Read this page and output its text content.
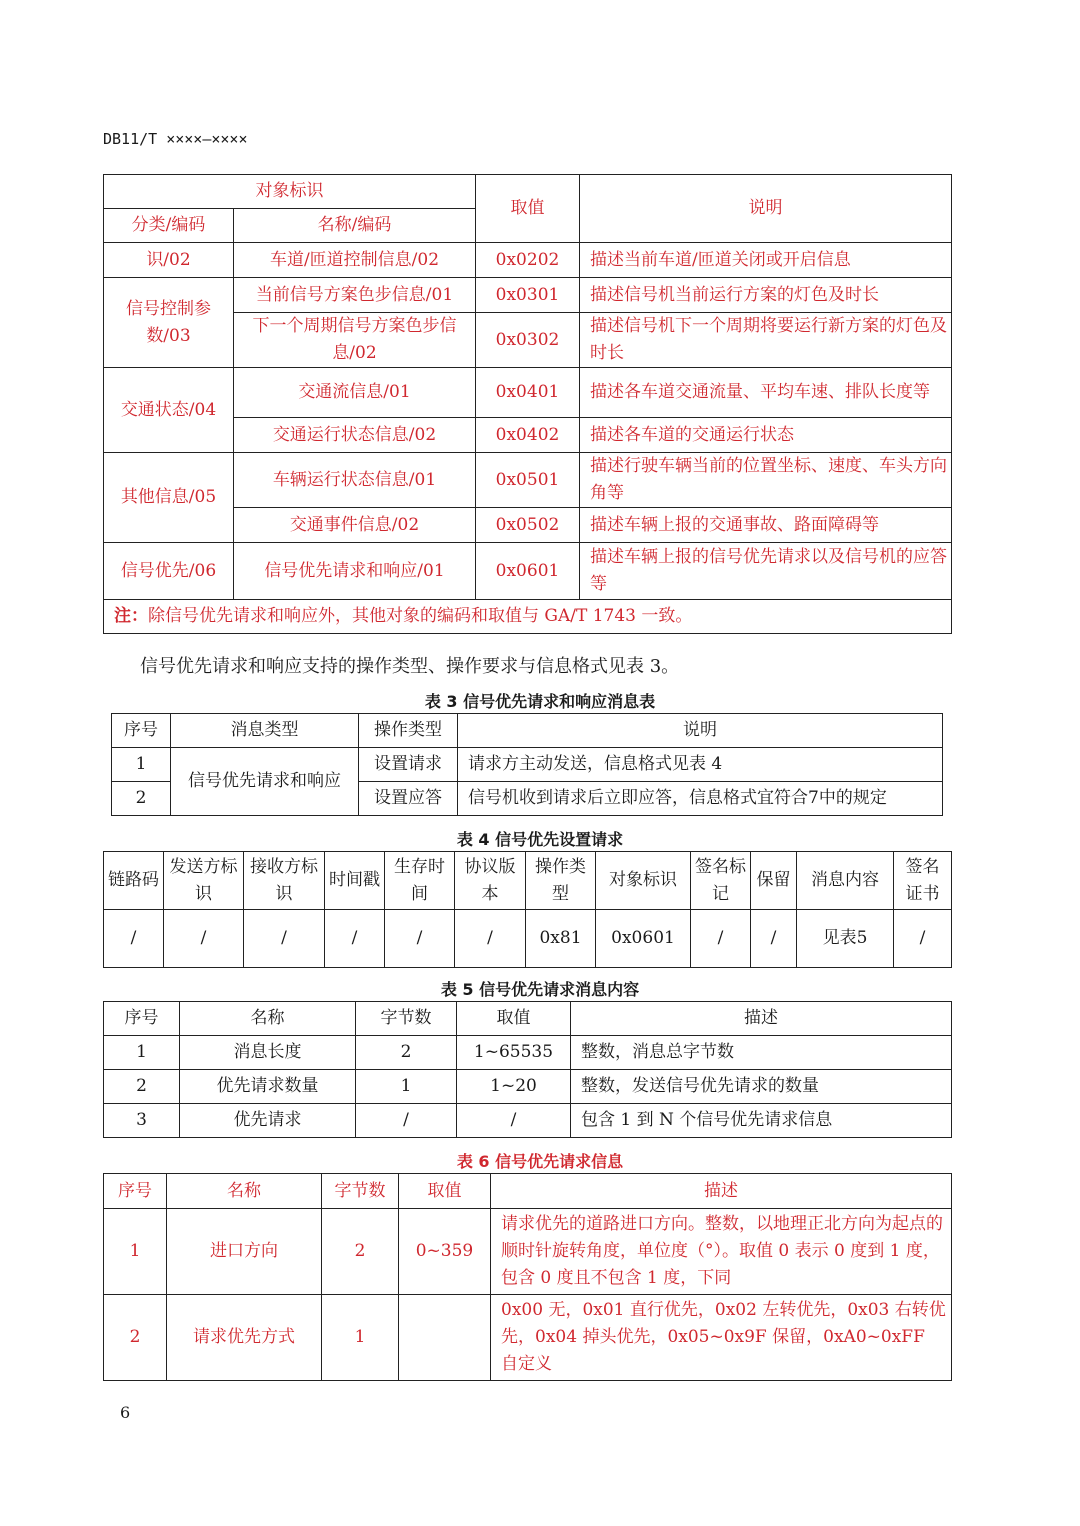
DB11/T ××××—××××
对象标识		取值	说明
分类/编码	名称/编码		
识/02	车道/匝道控制信息/02	0x0202	描述当前车道/匝道关闭或开启信息
信号控制参数/03	当前信号方案色步信息/01	0x0301	描述信号机当前运行方案的灯色及时长
	下一个周期信号方案色步信息/02	0x0302	描述信号机下一个周期将要运行新方案的灯色及时长
交通状态/04	交通流信息/01	0x0401	描述各车道交通流量、平均车速、排队长度等
	交通运行状态信息/02	0x0402	描述各车道的交通运行状态
其他信息/05	车辆运行状态信息/01	0x0501	描述行驶车辆当前的位置坐标、速度、车头方向角等
	交通事件信息/02	0x0502	描述车辆上报的交通事故、路面障碍等
信号优先/06	信号优先请求和响应/01	0x0601	描述车辆上报的信号优先请求以及信号机的应答等
注：除信号优先请求和响应外，其他对象的编码和取值与 GA/T 1743 一致。			
信号优先请求和响应支持的操作类型、操作要求与信息格式见表 3。
表 3 信号优先请求和响应消息表
序号	消息类型	操作类型	说明
1	信号优先请求和响应	设置请求	请求方主动发送，信息格式见表 4
2		设置应答	信号机收到请求后立即应答，信息格式宜符合7中的规定
表 4 信号优先设置请求
链路码	发送方标识	接收方标识	时间戳	生存时间	协议版本	操作类型	对象标识	签名标记	保留	消息内容	签名证书
/	/	/	/	/	/	0x81	0x0601	/	/	见表5	/
表 5 信号优先请求消息内容
序号	名称	字节数	取值	描述
1	消息长度	2	1~65535	整数，消息总字节数
2	优先请求数量	1	1~20	整数，发送信号优先请求的数量
3	优先请求	/	/	包含 1 到 N 个信号优先请求信息
表 6 信号优先请求信息
序号	名称	字节数	取值	描述
1	进口方向	2	0~359	请求优先的道路进口方向。整数，以地理正北方向为起点的顺时针旋转角度，单位度（°）。取值 0 表示 0 度到 1 度，包含 0 度且不包含 1 度，下同
2	请求优先方式	1		0x00 无，0x01 直行优先，0x02 左转优先，0x03 右转优先，0x04 掉头优先，0x05~0x9F 保留，0xA0~0xFF 自定义
6
